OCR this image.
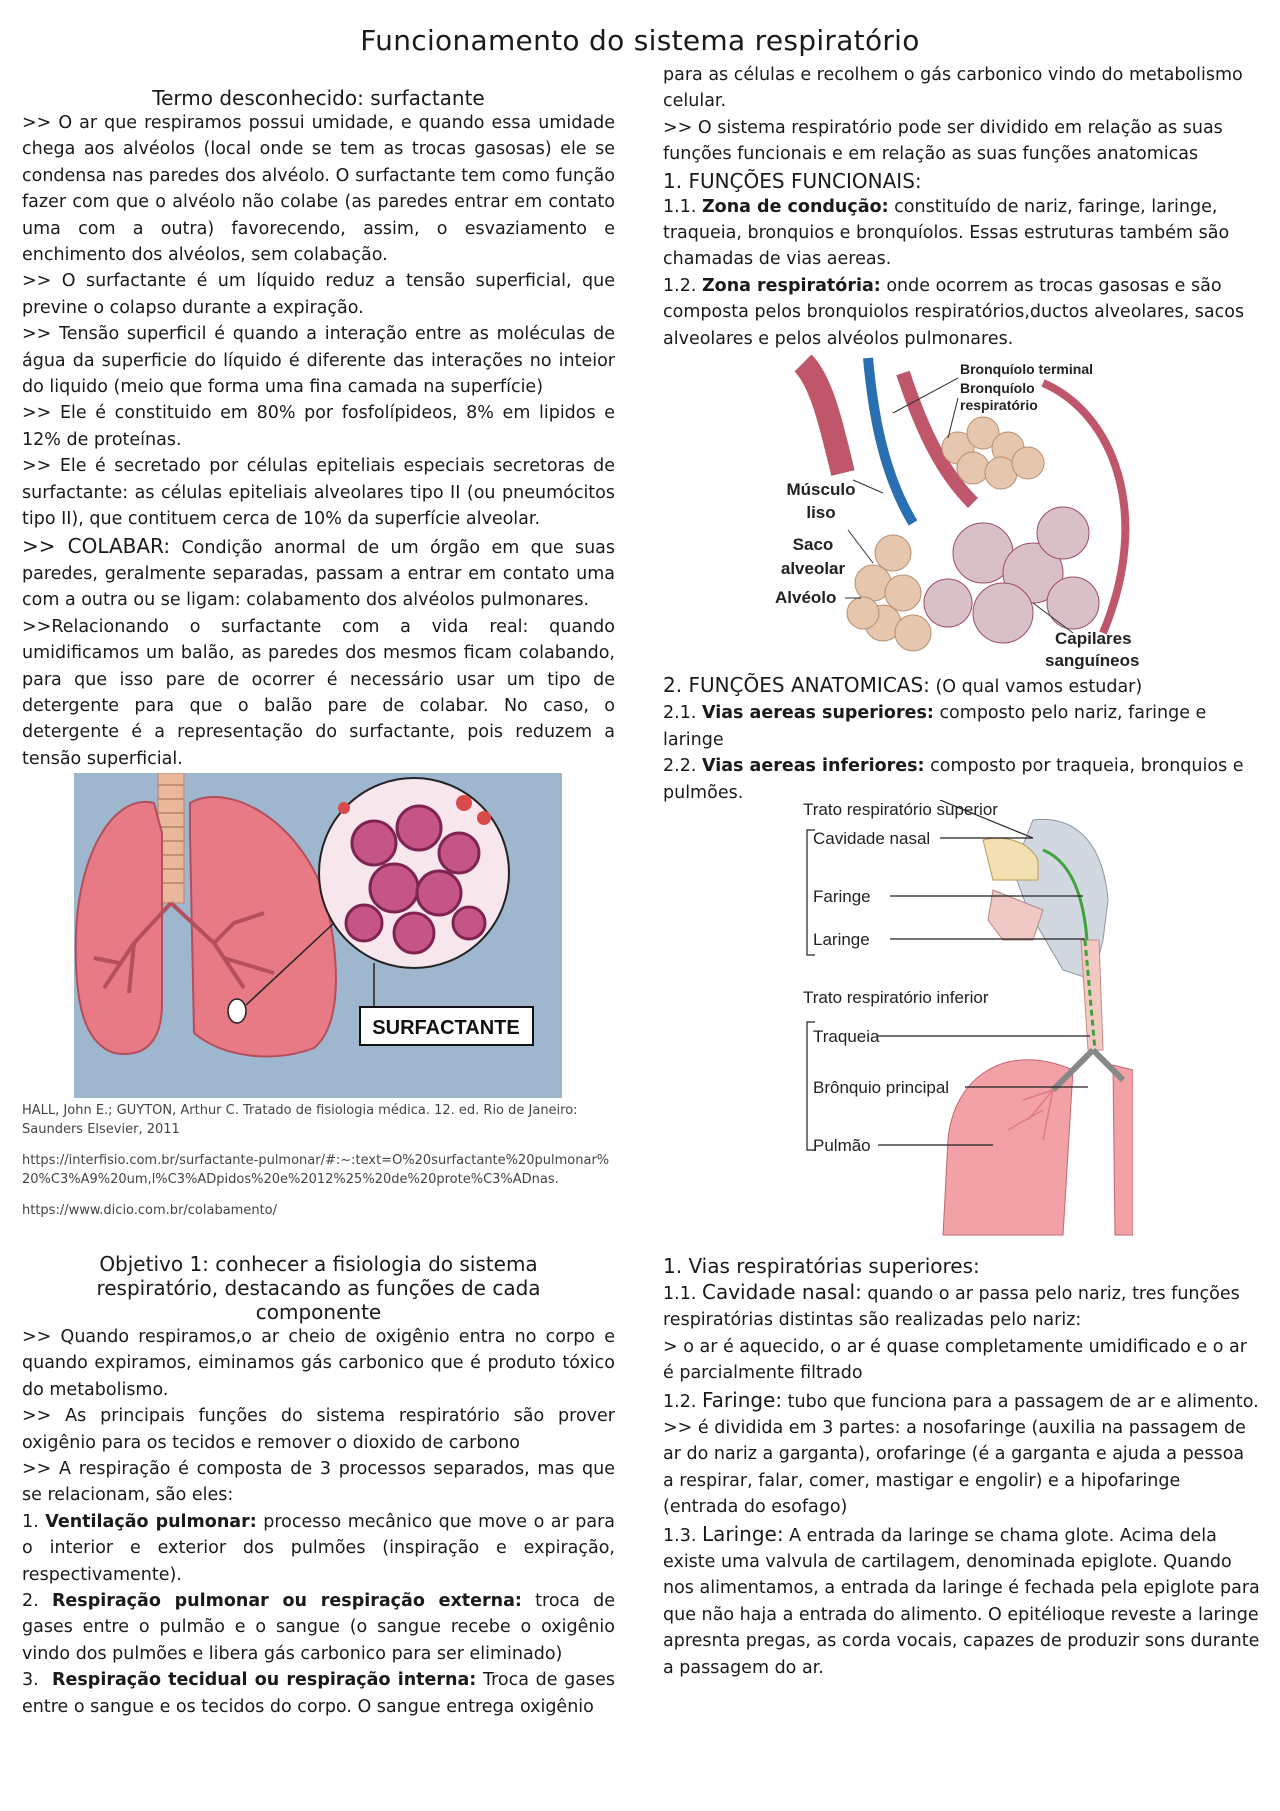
Funcionamento do sistema respiratório

Termo desconhecido: surfactante

>> O ar que respiramos possui umidade, e quando essa umidade chega aos alvéolos (local onde se tem as trocas gasosas) ele se condensa nas paredes dos alvéolo. O surfactante tem como função fazer com que o alvéolo não colabe (as paredes entrar em contato uma com a outra) favorecendo, assim, o esvaziamento e enchimento dos alvéolos, sem colabação.

>> O surfactante é um líquido reduz a tensão superficial, que previne o colapso durante a expiração.

>> Tensão superficil é quando a interação entre as moléculas de água da superficie do líquido é diferente das interações no inteior do liquido (meio que forma uma fina camada na superfície)

>> Ele é constituido em 80% por fosfolípideos, 8% em lipidos e 12% de proteínas.

>> Ele é secretado por células epiteliais especiais secretoras de surfactante: as células epiteliais alveolares tipo II (ou pneumócitos tipo II), que contituem cerca de 10% da superfície alveolar.

>> COLABAR: Condição anormal de um órgão em que suas paredes, geralmente separadas, passam a entrar em contato uma com a outra ou se ligam: colabamento dos alvéolos pulmonares.

>>Relacionando o surfactante com a vida real: quando umidificamos um balão, as paredes dos mesmos ficam colabando, para que isso pare de ocorrer é necessário usar um tipo de detergente para que o balão pare de colabar. No caso, o detergente é a representação do surfactante, pois reduzem a tensão superficial.

SURFACTANTE

HALL, John E.; GUYTON, Arthur C. Tratado de fisiologia médica. 12. ed. Rio de Janeiro: Saunders Elsevier, 2011

https://interfisio.com.br/surfactante-pulmonar/#:~:text=O%20surfactante%20pulmonar%20%C3%A9%20um,l%C3%ADpidos%20e%2012%25%20de%20prote%C3%ADnas.

https://www.dicio.com.br/colabamento/

Objetivo 1: conhecer a fisiologia do sistema respiratório, destacando as funções de cada componente

>> Quando respiramos,o ar cheio de oxigênio entra no corpo e quando expiramos, eiminamos gás carbonico que é produto tóxico do metabolismo.

>> As principais funções do sistema respiratório são prover oxigênio para os tecidos e remover o dioxido de carbono

>> A respiração é composta de 3 processos separados, mas que se relacionam, são eles:

1. Ventilação pulmonar: processo mecânico que move o ar para o interior e exterior dos pulmões (inspiração e expiração, respectivamente).

2. Respiração pulmonar ou respiração externa: troca de gases entre o pulmão e o sangue (o sangue recebe o oxigênio vindo dos pulmões e libera gás carbonico para ser eliminado)

3. Respiração tecidual ou respiração interna: Troca de gases entre o sangue e os tecidos do corpo. O sangue entrega oxigênio

para as células e recolhem o gás carbonico vindo do metabolismo celular.

>> O sistema respiratório pode ser dividido em relação as suas funções funcionais e em relação as suas funções anatomicas

1. FUNÇÕES FUNCIONAIS:

1.1. Zona de condução: constituído de nariz, faringe, laringe, traqueia, bronquios e bronquíolos. Essas estruturas também são chamadas de vias aereas.

1.2. Zona respiratória: onde ocorrem as trocas gasosas e são composta pelos bronquiolos respiratórios,ductos alveolares, sacos alveolares e pelos alvéolos pulmonares.

Bronquíolo terminal
Bronquíolo
respiratório
Músculo
liso
Saco
alveolar
Alvéolo
Capilares
sanguíneos

2. FUNÇÕES ANATOMICAS: (O qual vamos estudar)

2.1. Vias aereas superiores: composto pelo nariz, faringe e laringe

2.2. Vias aereas inferiores: composto por traqueia, bronquios e pulmões.

Trato respiratório superior
Cavidade nasal
Faringe
Laringe
Trato respiratório inferior
Traqueia
Brônquio principal
Pulmão

1. Vias respiratórias superiores:

1.1. Cavidade nasal: quando o ar passa pelo nariz, tres funções respiratórias distintas são realizadas pelo nariz:

> o ar é aquecido, o ar é quase completamente umidificado e o ar é parcialmente filtrado

1.2. Faringe: tubo que funciona para a passagem de ar e alimento.

>> é dividida em 3 partes: a nosofaringe (auxilia na passagem de ar do nariz a garganta), orofaringe (é a garganta e ajuda a pessoa a respirar, falar, comer, mastigar e engolir) e a hipofaringe (entrada do esofago)

1.3. Laringe: A entrada da laringe se chama glote. Acima dela existe uma valvula de cartilagem, denominada epiglote. Quando nos alimentamos, a entrada da laringe é fechada pela epiglote para que não haja a entrada do alimento. O epitélioque reveste a laringe apresnta pregas, as corda vocais, capazes de produzir sons durante a passagem do ar.
